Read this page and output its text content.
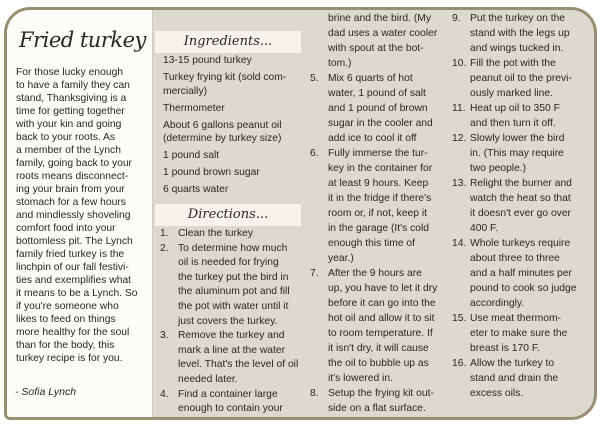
Fried turkey
For those lucky enough
to have a family they can
stand, Thanksgiving is a
time for getting together
with your kin and going
back to your roots. As
a member of the Lynch
family, going back to your
roots means disconnect-
ing your brain from your
stomach for a few hours
and mindlessly shoveling
comfort food into your
bottomless pit. The Lynch
family fried turkey is the
linchpin of our fall festivi-
ties and exemplifies what
it means to be a Lynch. So
if you're someone who
likes to feed on things
more healthy for the soul
than for the body, this
turkey recipe is for you.
- Sofia Lynch
Ingredients...
13-15 pound turkey
Turkey frying kit (sold com-
mercially)
Thermometer
About 6 gallons peanut oil
(determine by turkey size)
1 pound salt
1 pound brown sugar
6 quarts water
Directions...
1. Clean the turkey
2. To determine how much
oil is needed for frying
the turkey put the bird in
the aluminum pot and fill
the pot with water until it
just covers the turkey.
3. Remove the turkey and
mark a line at the water
level. That's the level of oil
needed later.
4. Find a container large
enough to contain your
brine and the bird. (My
dad uses a water cooler
with spout at the bot-
tom.)
5. Mix 6 quarts of hot
water, 1 pound of salt
and 1 pound of brown
sugar in the cooler and
add ice to cool it off
6. Fully immerse the tur-
key in the container for
at least 9 hours. Keep
it in the fridge if there's
room or, if not, keep it
in the garage (It's cold
enough this time of
year.)
7. After the 9 hours are
up, you have to let it dry
before it can go into the
hot oil and allow it to sit
to room temperature. If
it isn't dry, it will cause
the oil to bubble up as
it's lowered in.
8. Setup the frying kit out-
side on a flat surface.
9. Put the turkey on the
stand with the legs up
and wings tucked in.
10. Fill the pot with the
peanut oil to the previ-
ously marked line.
11. Heat up oil to 350 F
and then turn it off.
12. Slowly lower the bird
in. (This may require
two people.)
13. Relight the burner and
watch the heat so that
it doesn't ever go over
400 F.
14. Whole turkeys require
about three to three
and a half minutes per
pound to cook so judge
accordingly.
15. Use meat thermom-
eter to make sure the
breast is 170 F.
16. Allow the turkey to
stand and drain the
excess oils.
